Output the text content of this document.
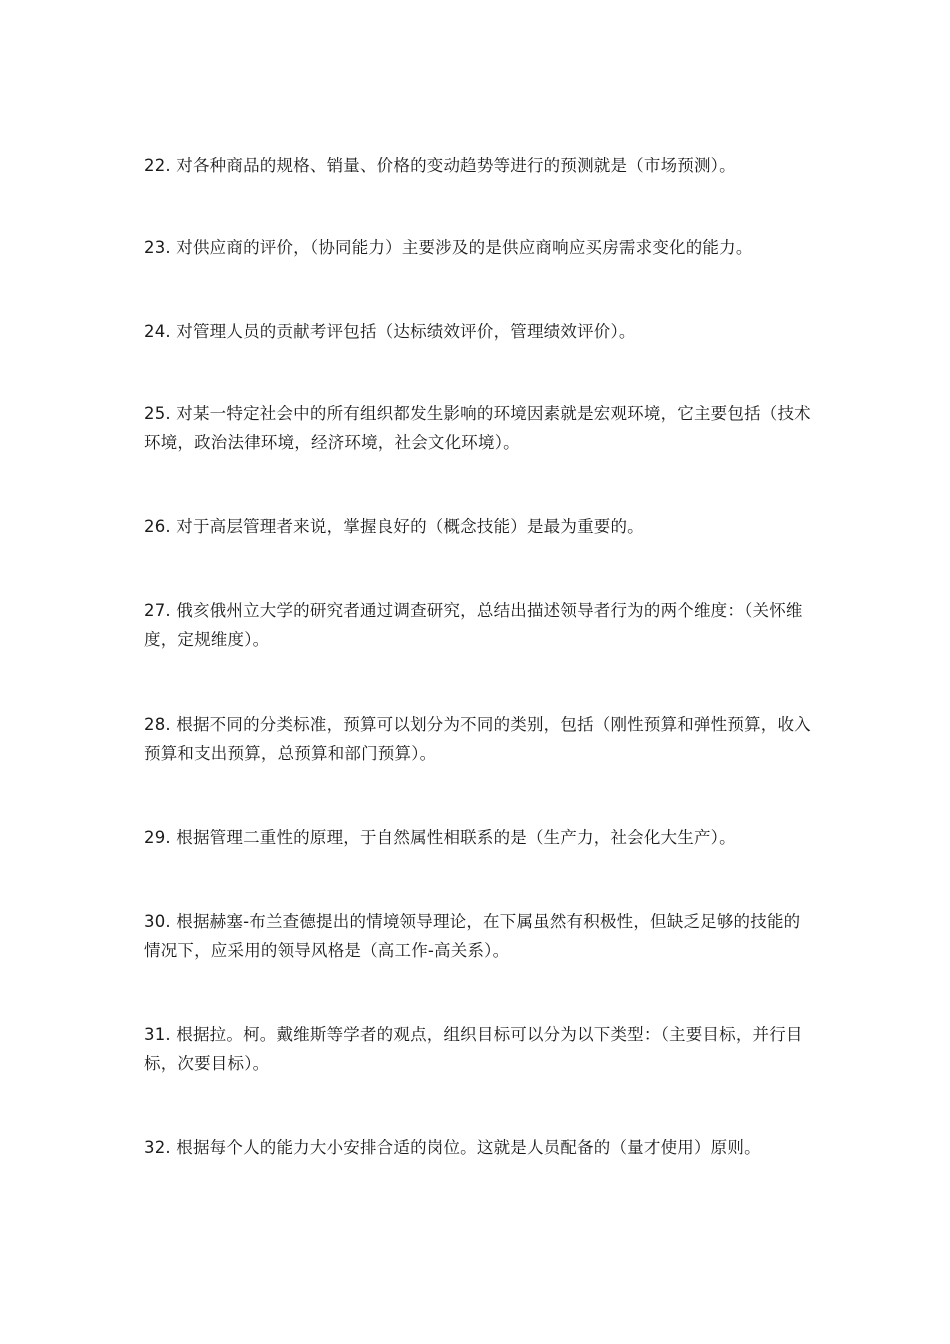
22. 对各种商品的规格、销量、价格的变动趋势等进行的预测就是（市场预测）。

23. 对供应商的评价，（协同能力）主要涉及的是供应商响应买房需求变化的能力。

24. 对管理人员的贡献考评包括（达标绩效评价，管理绩效评价）。

25. 对某一特定社会中的所有组织都发生影响的环境因素就是宏观环境，它主要包括（技术环境，政治法律环境，经济环境，社会文化环境）。

26. 对于高层管理者来说，掌握良好的（概念技能）是最为重要的。

27. 俄亥俄州立大学的研究者通过调查研究，总结出描述领导者行为的两个维度：（关怀维度，定规维度）。

28. 根据不同的分类标准，预算可以划分为不同的类别，包括（刚性预算和弹性预算，收入预算和支出预算，总预算和部门预算）。

29. 根据管理二重性的原理，于自然属性相联系的是（生产力，社会化大生产）。

30. 根据赫塞-布兰查德提出的情境领导理论，在下属虽然有积极性，但缺乏足够的技能的情况下，应采用的领导风格是（高工作-高关系）。

31. 根据拉。柯。戴维斯等学者的观点，组织目标可以分为以下类型：（主要目标，并行目标，次要目标）。

32. 根据每个人的能力大小安排合适的岗位。这就是人员配备的（量才使用）原则。
